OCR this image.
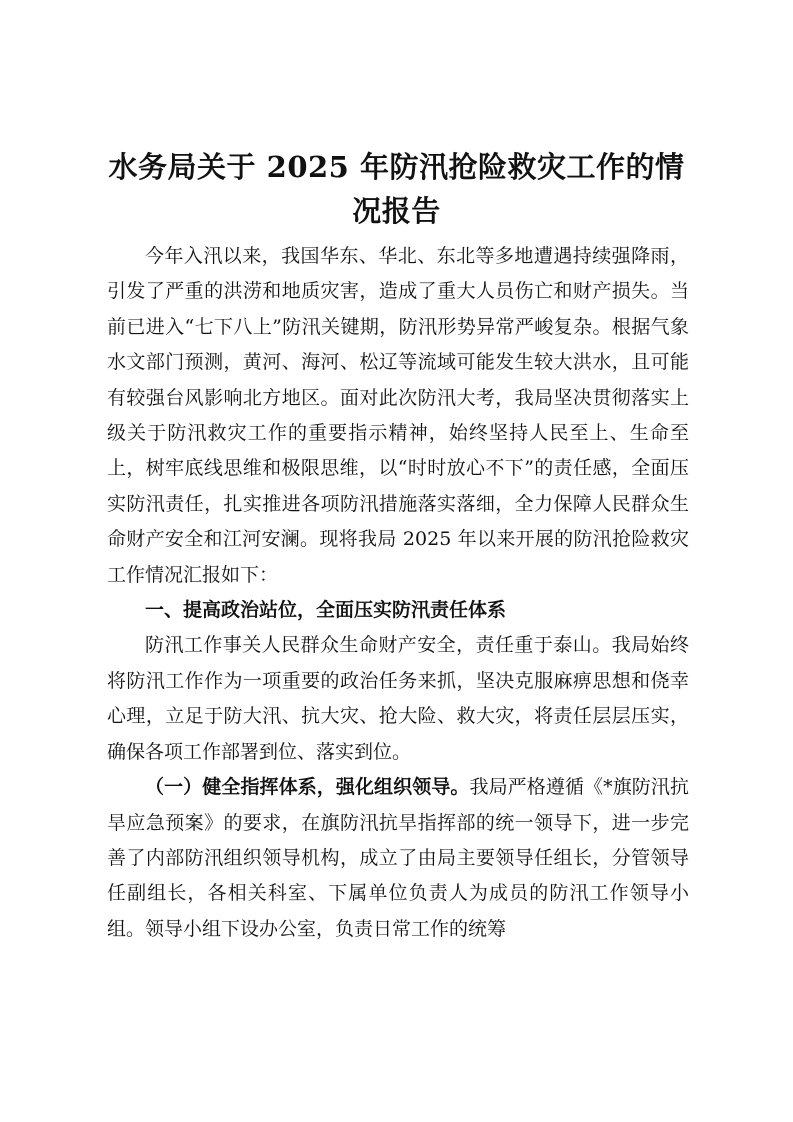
水务局关于 2025 年防汛抢险救灾工作的情况报告

今年入汛以来，我国华东、华北、东北等多地遭遇持续强降雨，引发了严重的洪涝和地质灾害，造成了重大人员伤亡和财产损失。当前已进入“七下八上”防汛关键期，防汛形势异常严峻复杂。根据气象水文部门预测，黄河、海河、松辽等流域可能发生较大洪水，且可能有较强台风影响北方地区。面对此次防汛大考，我局坚决贯彻落实上级关于防汛救灾工作的重要指示精神，始终坚持人民至上、生命至上，树牢底线思维和极限思维，以“时时放心不下”的责任感，全面压实防汛责任，扎实推进各项防汛措施落实落细，全力保障人民群众生命财产安全和江河安澜。现将我局 2025 年以来开展的防汛抢险救灾工作情况汇报如下：

一、提高政治站位，全面压实防汛责任体系

防汛工作事关人民群众生命财产安全，责任重于泰山。我局始终将防汛工作作为一项重要的政治任务来抓，坚决克服麻痹思想和侥幸心理，立足于防大汛、抗大灾、抢大险、救大灾，将责任层层压实，确保各项工作部署到位、落实到位。

（一）健全指挥体系，强化组织领导。我局严格遵循《*旗防汛抗旱应急预案》的要求，在旗防汛抗旱指挥部的统一领导下，进一步完善了内部防汛组织领导机构，成立了由局主要领导任组长，分管领导任副组长，各相关科室、下属单位负责人为成员的防汛工作领导小组。领导小组下设办公室，负责日常工作的统筹
